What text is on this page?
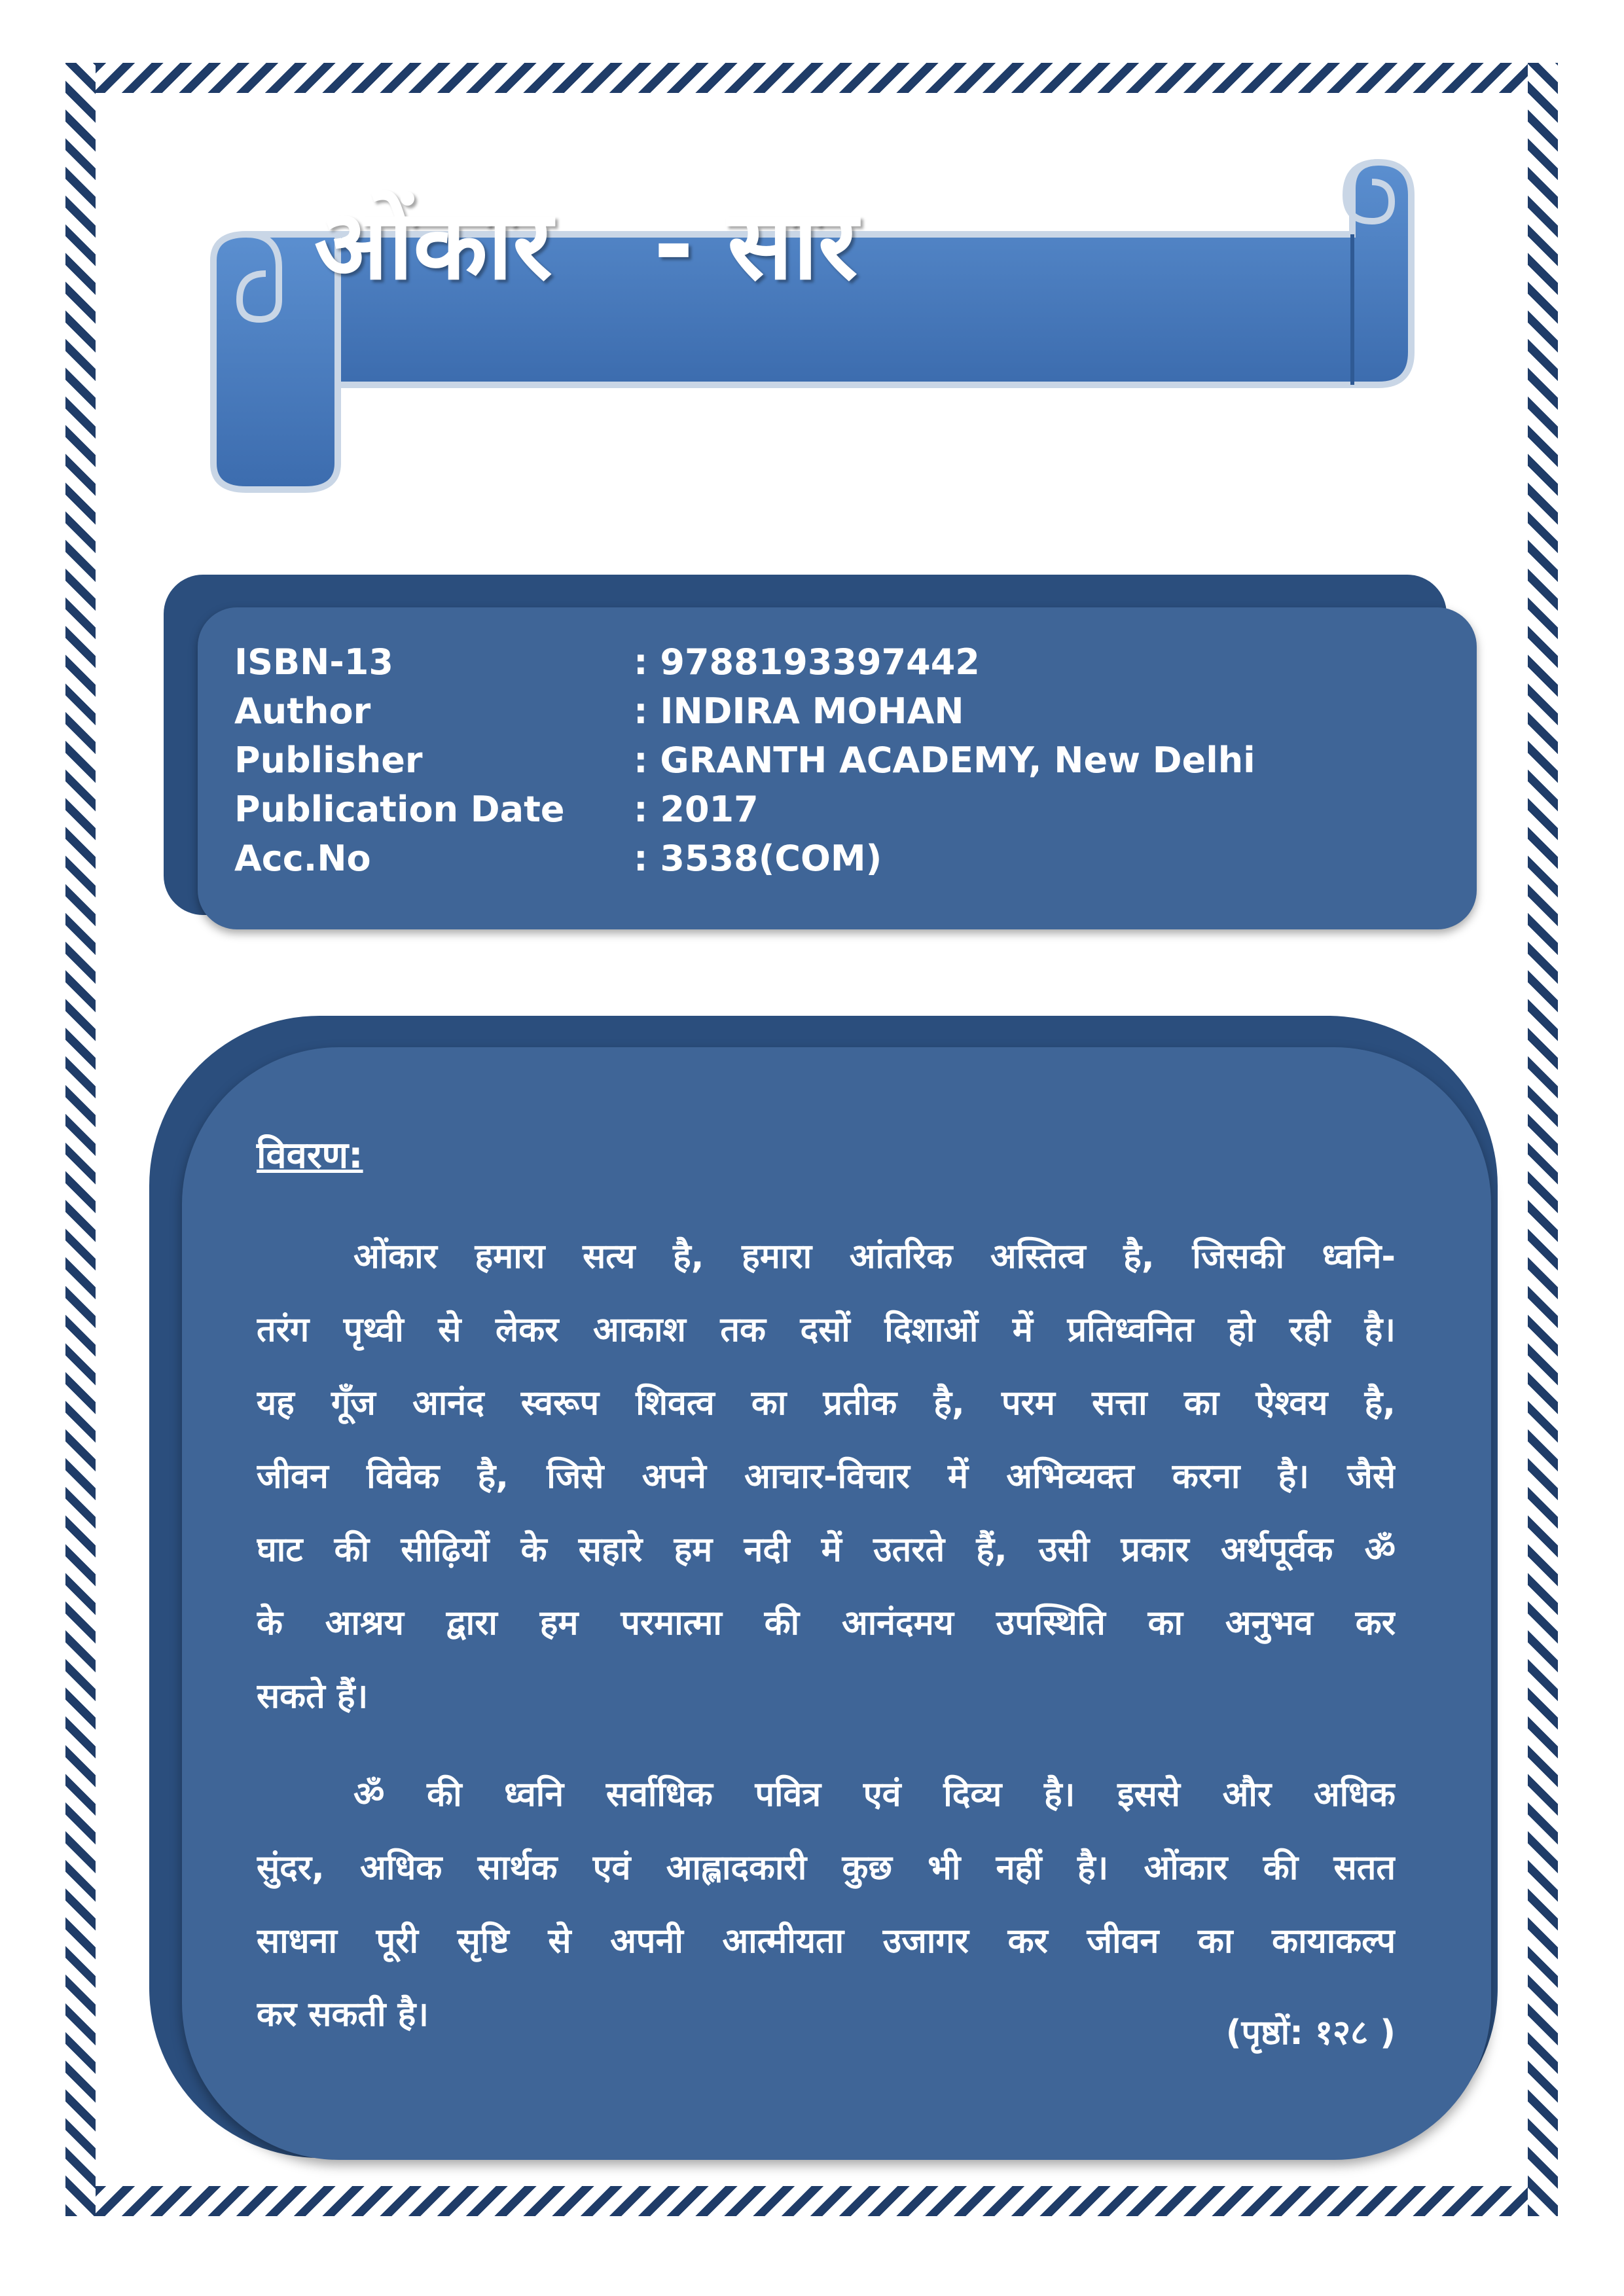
ओंकार   - सार
ISBN-13	: 9788193397442
Author	: INDIRA MOHAN
Publisher	: GRANTH ACADEMY, New Delhi
Publication Date : 2017
Acc.No	: 3538(COM)
विवरण:
ओंकार हमारा सत्य है, हमारा आंतरिक अस्तित्व है, जिसकी ध्वनि-
तरंग पृथ्वी से लेकर आकाश तक दसों दिशाओं में प्रतिध्वनित हो रही है।
यह गूँज आनंद स्वरूप शिवत्व का प्रतीक है, परम सत्ता का ऐश्वय है,
जीवन विवेक है, जिसे अपने आचार-विचार में अभिव्यक्त करना है। जैसे
घाट की सीढ़ियों के सहारे हम नदी में उतरते हैं, उसी प्रकार अर्थपूर्वक ॐ
के आश्रय द्वारा हम परमात्मा की आनंदमय उपस्थिति का अनुभव कर
सकते हैं।
ॐ की ध्वनि सर्वाधिक पवित्र एवं दिव्य है। इससे और अधिक
सुंदर, अधिक सार्थक एवं आह्लादकारी कुछ भी नहीं है। ओंकार की सतत
साधना पूरी सृष्टि से अपनी आत्मीयता उजागर कर जीवन का कायाकल्प
कर सकती है।	(पृष्ठों: १२८ )
